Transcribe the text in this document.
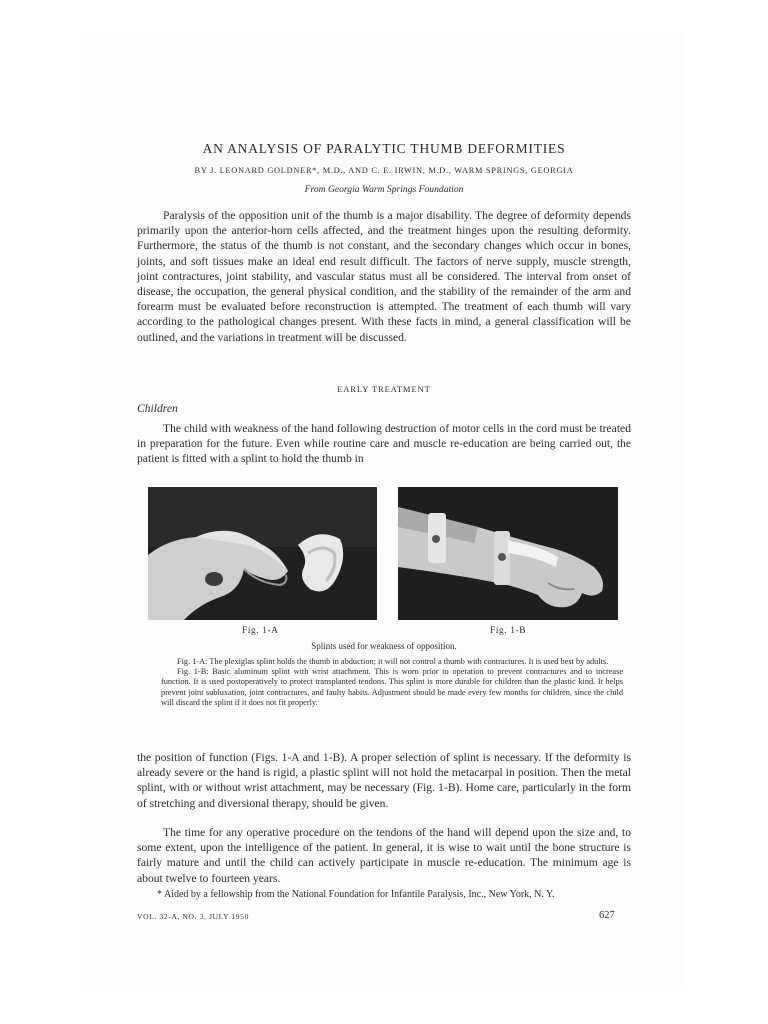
AN ANALYSIS OF PARALYTIC THUMB DEFORMITIES
BY J. LEONARD GOLDNER*, M.D., AND C. E. IRWIN, M.D., WARM SPRINGS, GEORGIA
From Georgia Warm Springs Foundation
Paralysis of the opposition unit of the thumb is a major disability. The degree of deformity depends primarily upon the anterior-horn cells affected, and the treatment hinges upon the resulting deformity. Furthermore, the status of the thumb is not constant, and the secondary changes which occur in bones, joints, and soft tissues make an ideal end result difficult. The factors of nerve supply, muscle strength, joint contractures, joint stability, and vascular status must all be considered. The interval from onset of disease, the occupation, the general physical condition, and the stability of the remainder of the arm and forearm must be evaluated before reconstruction is attempted. The treatment of each thumb will vary according to the pathological changes present. With these facts in mind, a general classification will be outlined, and the variations in treatment will be discussed.
EARLY TREATMENT
Children
The child with weakness of the hand following destruction of motor cells in the cord must be treated in preparation for the future. Even while routine care and muscle re-education are being carried out, the patient is fitted with a splint to hold the thumb in
Fig. 1-A	Fig. 1-B
Splints used for weakness of opposition.

Fig. 1-A: The plexiglas splint holds the thumb in abduction; it will not control a thumb with contractures. It is used best by adults.

Fig. 1-B: Basic aluminum splint with wrist attachment. This is worn prior to operation to prevent contractures and to increase function. It is used postoperatively to protect transplanted tendons. This splint is more durable for children than the plastic kind. It helps prevent joint subluxation, joint contractures, and faulty habits. Adjustment should be made every few months for children, since the child will discard the splint if it does not fit properly.

the position of function (Figs. 1-A and 1-B). A proper selection of splint is necessary. If the deformity is already severe or the hand is rigid, a plastic splint will not hold the metacarpal in position. Then the metal splint, with or without wrist attachment, may be necessary (Fig. 1-B). Home care, particularly in the form of stretching and diversional therapy, should be given.
The time for any operative procedure on the tendons of the hand will depend upon the size and, to some extent, upon the intelligence of the patient. In general, it is wise to wait until the bone structure is fairly mature and until the child can actively participate in muscle re-education. The minimum age is about twelve to fourteen years.
* Aided by a fellowship from the National Foundation for Infantile Paralysis, Inc., New York, N. Y.
VOL. 32-A, NO. 3, JULY 1950	627
